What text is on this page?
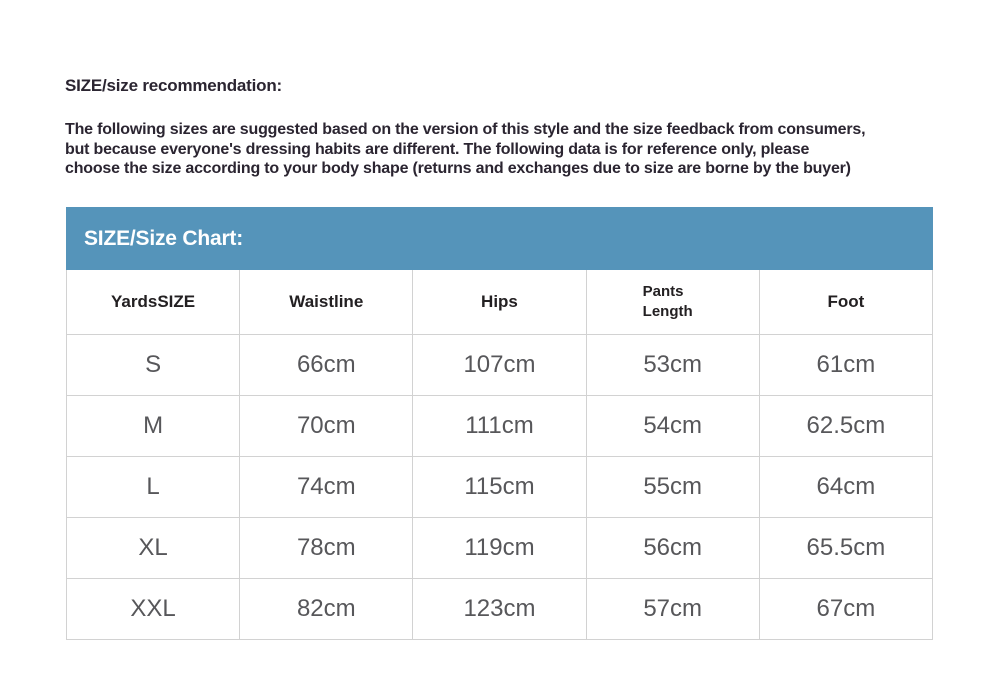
SIZE/size recommendation:
The following sizes are suggested based on the version of this style and the size feedback from consumers,
but because everyone's dressing habits are different. The following data is for reference only, please
choose the size according to your body shape (returns and exchanges due to size are borne by the buyer)
SIZE/Size Chart:
YardsSIZE	Waistline	Hips	Pants Length	Foot
S	66cm	107cm	53cm	61cm
M	70cm	111cm	54cm	62.5cm
L	74cm	115cm	55cm	64cm
XL	78cm	119cm	56cm	65.5cm
XXL	82cm	123cm	57cm	67cm
